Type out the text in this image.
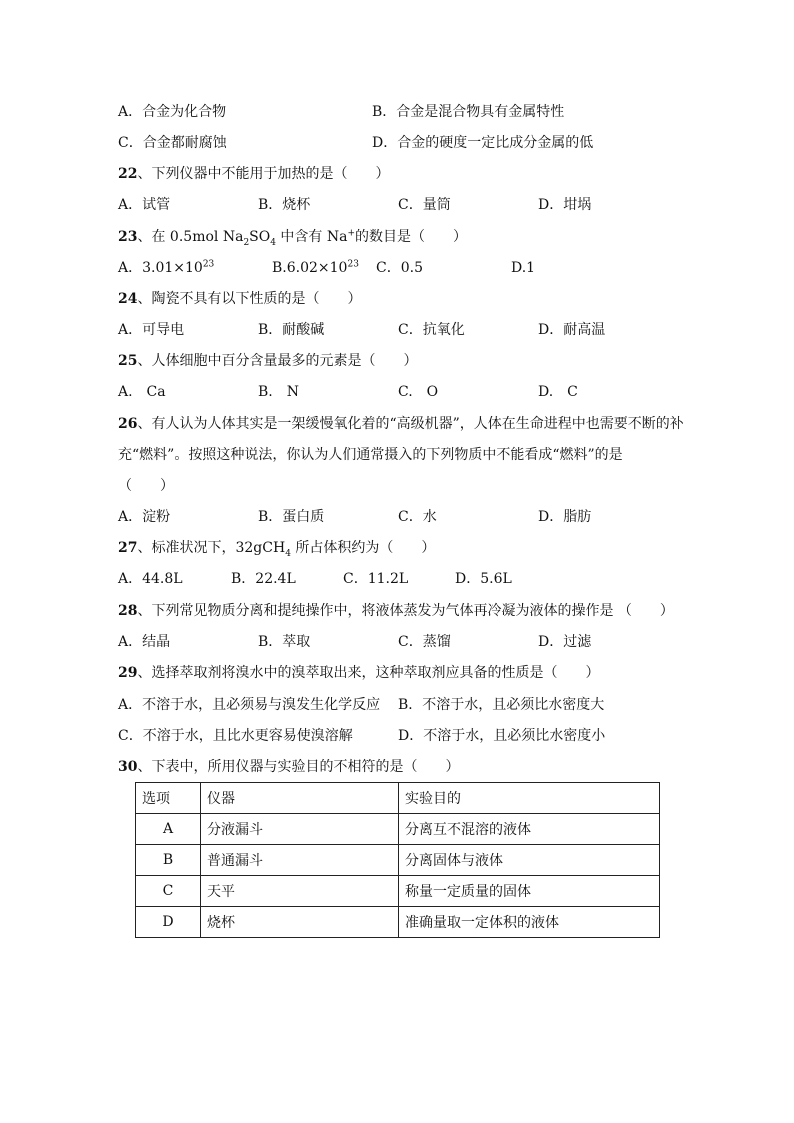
A．合金为化合物	B．合金是混合物具有金属特性
C．合金都耐腐蚀	D．合金的硬度一定比成分金属的低
22、下列仪器中不能用于加热的是（　　）
A．试管	B．烧杯	C．量筒	D．坩埚
23、在 0.5mol $Na_2SO_4$ 中含有 Na+的数目是（　　）
A．$3.01\times 10^{23}$	$B.6.02\times 10^{23}$ C．0.5	D.1
24、陶瓷不具有以下性质的是（　　）
A．可导电	B．耐酸碱	C．抗氧化	D．耐高温
25、人体细胞中百分含量最多的元素是（　　）
A.　Ca	B.　N	C.　O	D.　C
26、有人认为人体其实是一架缓慢氧化着的“高级机器”，人体在生命进程中也需要不断的补
充“燃料”。按照这种说法，你认为人们通常摄入的下列物质中不能看成“燃料”的是
（　　）
A．淀粉	B．蛋白质	C．水	D．脂肪
27、标准状况下，32gCH$_4$ 所占体积约为（　　）
A．44.8L	B．22.4L	C．11.2L	D．5.6L
28、下列常见物质分离和提纯操作中，将液体蒸发为气体再冷凝为液体的操作是 （　　）
A．结晶	B．萃取	C．蒸馏	D．过滤
29、选择萃取剂将溴水中的溴萃取出来，这种萃取剂应具备的性质是（　　）
A．不溶于水，且必须易与溴发生化学反应 B．不溶于水，且必须比水密度大
C．不溶于水，且比水更容易使溴溶解	D．不溶于水，且必须比水密度小
30、下表中，所用仪器与实验目的不相符的是（　　）
选项	仪器	实验目的
A	分液漏斗	分离互不混溶的液体
B	普通漏斗	分离固体与液体
C	天平	称量一定质量的固体
D	烧杯	准确量取一定体积的液体
